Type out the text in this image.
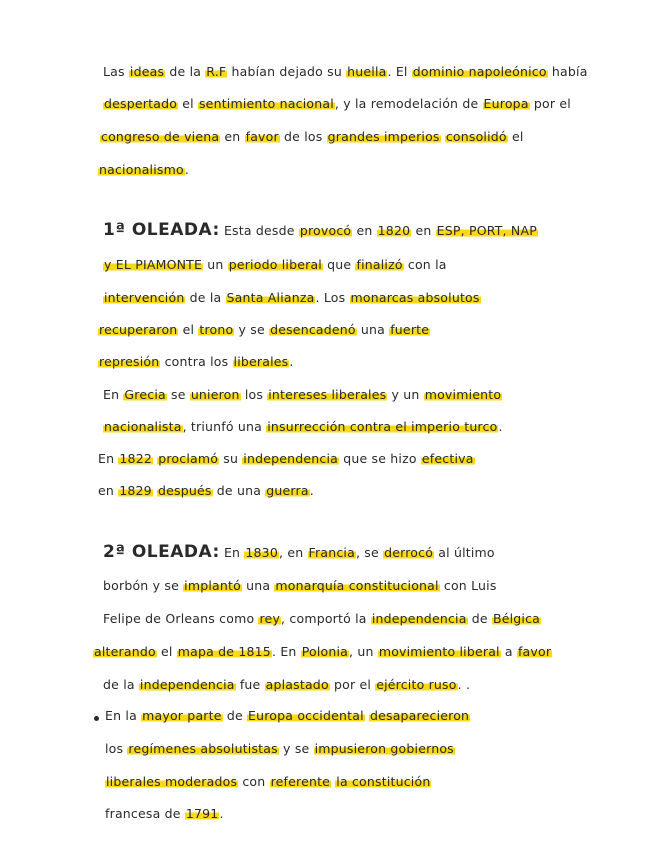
Las ideas de la R.F habían dejado su huella. El dominio napoleónico había
despertado el sentimiento nacional, y la remodelación de Europa por el
congreso de viena en favor de los grandes imperios consolidó el
nacionalismo.
1ª OLEADA: Esta desde provocó en 1820 en ESP, PORT, NAP
y EL PIAMONTE un periodo liberal que finalizó con la
intervención de la Santa Alianza. Los monarcas absolutos
recuperaron el trono y se desencadenó una fuerte
represión contra los liberales.
En Grecia se unieron los intereses liberales y un movimiento
nacionalista, triunfó una insurrección contra el imperio turco.
En 1822 proclamó su independencia que se hizo efectiva
en 1829 después de una guerra.
2ª OLEADA: En 1830, en Francia, se derrocó al último
borbón y se implantó una monarquía constitucional con Luis
Felipe de Orleans como rey, comportó la independencia de Bélgica
alterando el mapa de 1815. En Polonia, un movimiento liberal a favor
de la independencia fue aplastado por el ejército ruso. .
En la mayor parte de Europa occidental desaparecieron
los regímenes absolutistas y se impusieron gobiernos
liberales moderados con referente la constitución
francesa de 1791.
